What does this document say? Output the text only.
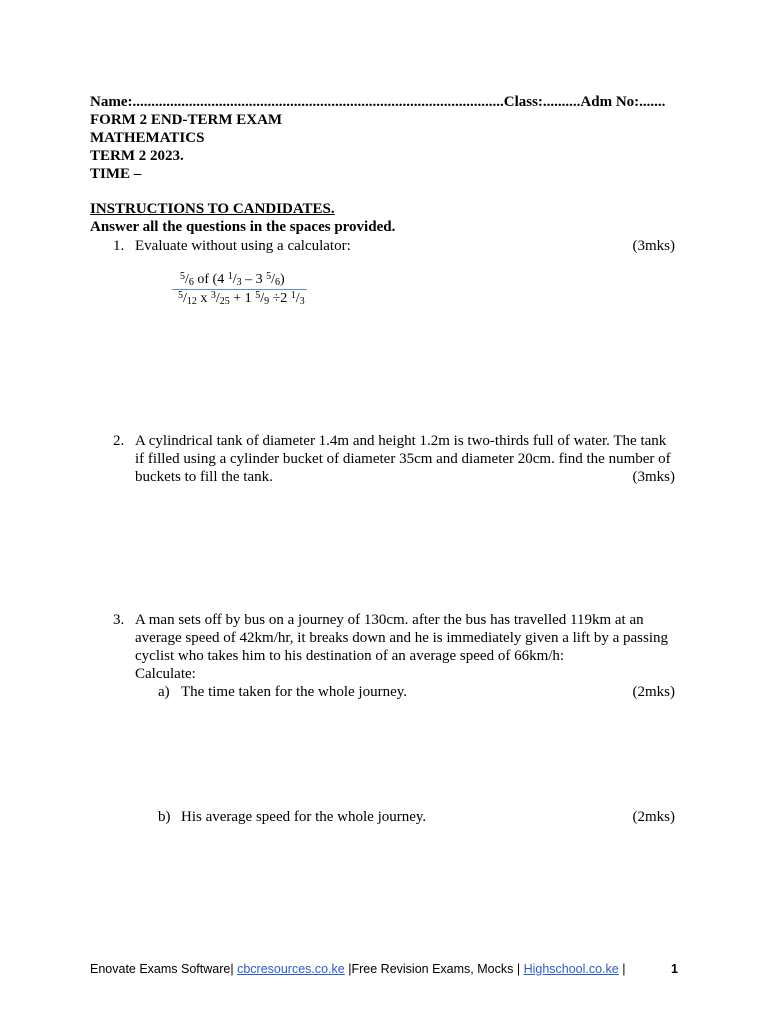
Name:...................................................................................................Class:..........Adm No:.......
FORM 2 END-TERM EXAM
MATHEMATICS
TERM 2 2023.
TIME –
INSTRUCTIONS TO CANDIDATES.
Answer all the questions in the spaces provided.
1. Evaluate without using a calculator:	(3mks)
$^5/_6$ of (4 $^1/_3 - 3$ $^5/_6$)
$^5/_{12}$ x $^3/_{25} + 1$ $^5/_9 \div 2$ $^1/_3$
2. A cylindrical tank of diameter 1.4m and height 1.2m is two-thirds full of water. The tank
if filled using a cylinder bucket of diameter 35cm and diameter 20cm. find the number of
buckets to fill the tank.	(3mks)
3. A man sets off by bus on a journey of 130cm. after the bus has travelled 119km at an
average speed of 42km/hr, it breaks down and he is immediately given a lift by a passing
cyclist who takes him to his destination of an average speed of 66km/h:
Calculate:
a) The time taken for the whole journey.	(2mks)
b) His average speed for the whole journey.	(2mks)
Enovate Exams Software| cbcresources.co.ke |Free Revision Exams, Mocks | Highschool.co.ke |	1
